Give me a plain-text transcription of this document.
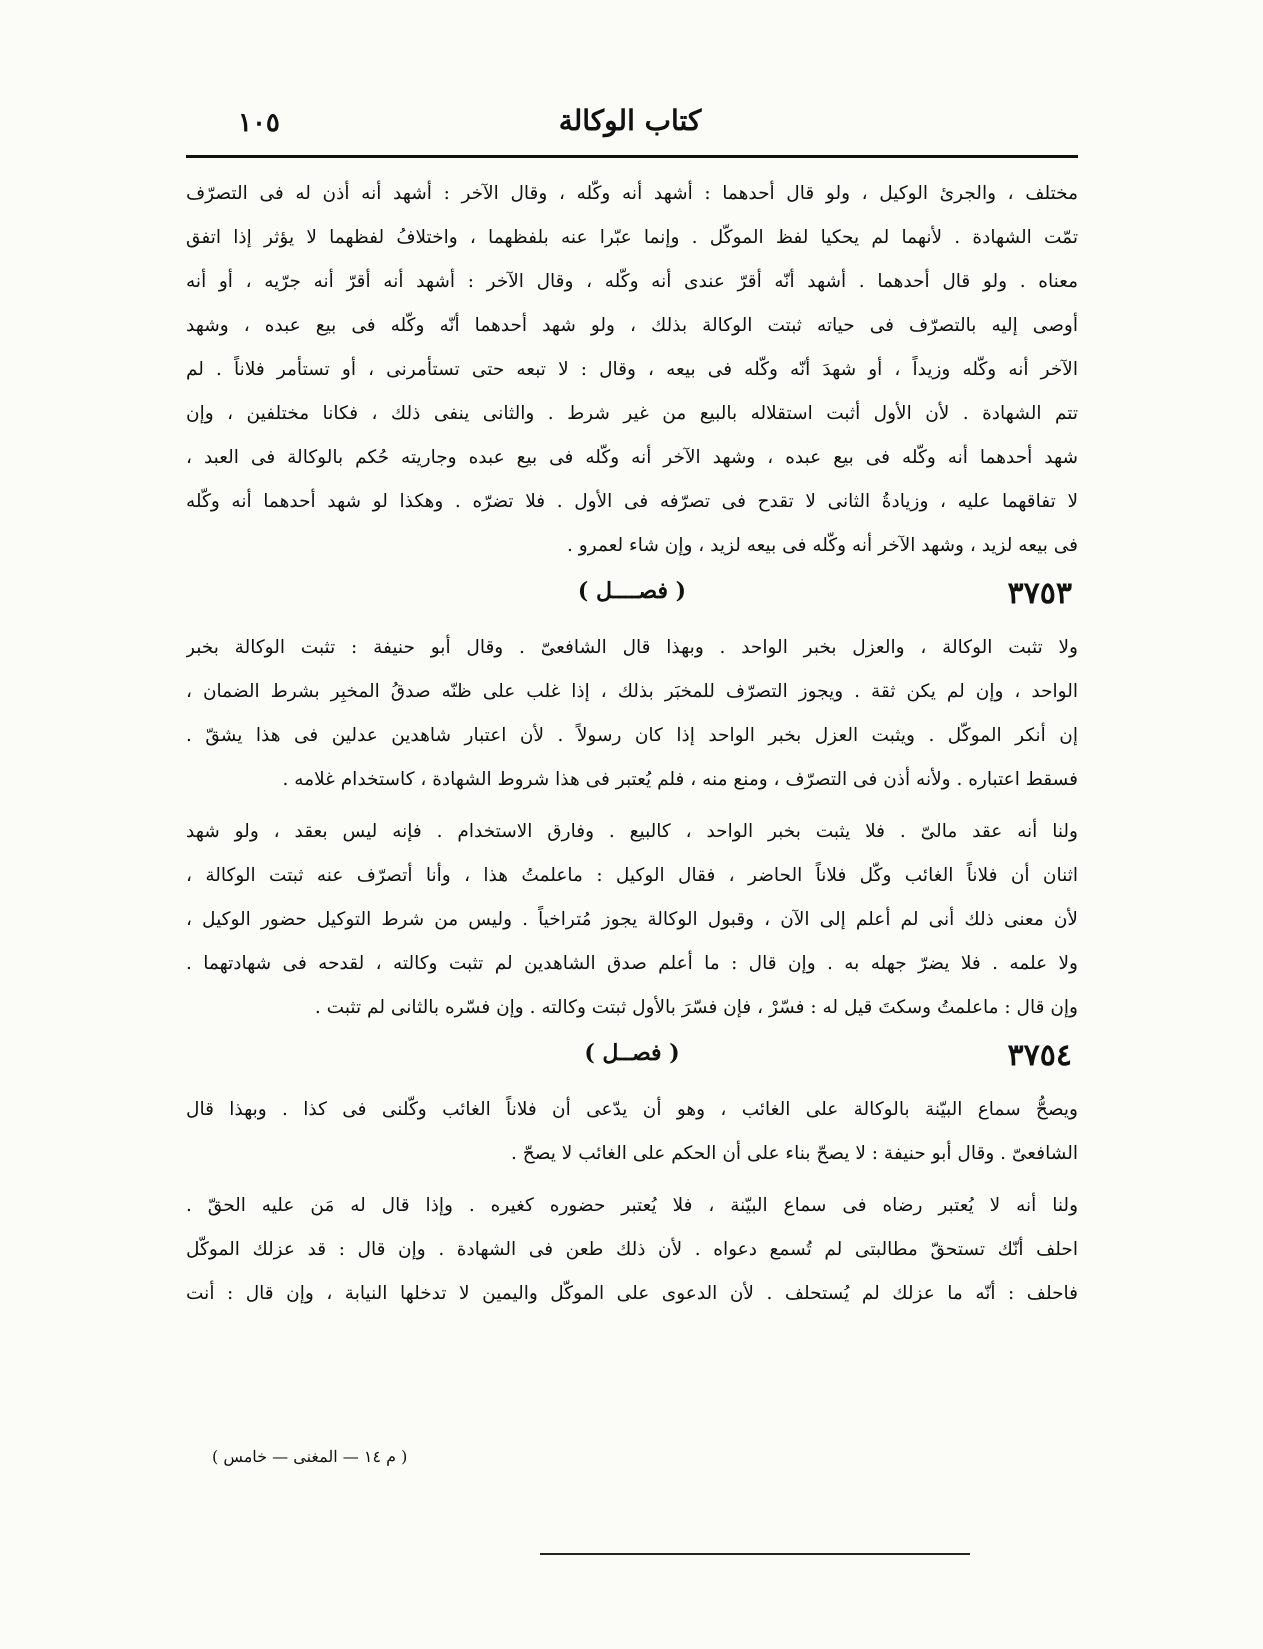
كتاب الوكالة
١٠٥
مختلف ، والجرئ الوكيل ، ولو قال أحدهما : أشهد أنه وكّله ، وقال الآخر : أشهد أنه أذن له فى التصرّف
تمّت الشهادة . لأنهما لم يحكيا لفظ الموكّل . وإنما عبّرا عنه بلفظهما ، واختلافُ لفظهما لا يؤثر إذا اتفق
معناه . ولو قال أحدهما . أشهد أنّه أقرّ عندى أنه وكّله ، وقال الآخر : أشهد أنه أقرّ أنه جرّيه ، أو أنه
أوصى إليه بالتصرّف فى حياته ثبتت الوكالة بذلك ، ولو شهد أحدهما أنّه وكّله فى بيع عبده ، وشهد
الآخر أنه وكّله وزيداً ، أو شهدَ أنّه وكّله فى بيعه ، وقال : لا تبعه حتى تستأمرنى ، أو تستأمر فلاناً . لم
تتم الشهادة . لأن الأول أثبت استقلاله بالبيع من غير شرط . والثانى ينفى ذلك ، فكانا مختلفين ، وإن
شهد أحدهما أنه وكّله فى بيع عبده ، وشهد الآخر أنه وكّله فى بيع عبده وجاريته حُكم بالوكالة فى العبد ،
لا تفاقهما عليه ، وزيادةُ الثانى لا تقدح فى تصرّفه فى الأول . فلا تضرّه . وهكذا لو شهد أحدهما أنه وكّله
فى بيعه لزيد ، وشهد الآخر أنه وكّله فى بيعه لزيد ، وإن شاء لعمرو .
٣٧٥٣
( فصــــل )
ولا تثبت الوكالة ، والعزل بخبر الواحد . وبهذا قال الشافعىّ . وقال أبو حنيفة : تثبت الوكالة بخبر
الواحد ، وإن لم يكن ثقة . ويجوز التصرّف للمخبَر بذلك ، إذا غلب على ظنّه صدقُ المخبِر بشرط الضمان ،
إن أنكر الموكّل . ويثبت العزل بخبر الواحد إذا كان رسولاً . لأن اعتبار شاهدين عدلين فى هذا يشقّ .
فسقط اعتباره . ولأنه أذن فى التصرّف ، ومنع منه ، فلم يُعتبر فى هذا شروط الشهادة ، كاستخدام غلامه .
ولنا أنه عقد مالىّ . فلا يثبت بخبر الواحد ، كالبيع . وفارق الاستخدام . فإنه ليس بعقد ، ولو شهد
اثنان أن فلاناً الغائب وكّل فلاناً الحاضر ، فقال الوكيل : ماعلمتُ هذا ، وأنا أتصرّف عنه ثبتت الوكالة ،
لأن معنى ذلك أنى لم أعلم إلى الآن ، وقبول الوكالة يجوز مُتراخياً . وليس من شرط التوكيل حضور الوكيل ،
ولا علمه . فلا يضرّ جهله به . وإن قال : ما أعلم صدق الشاهدين لم تثبت وكالته ، لقدحه فى شهادتهما .
وإن قال : ماعلمتُ وسكتَ قيل له : فسّرْ ، فإن فسّرَ بالأول ثبتت وكالته . وإن فسّره بالثانى لم تثبت .
٣٧٥٤
( فصــل )
ويصحُّ سماع البيّنة بالوكالة على الغائب ، وهو أن يدّعى أن فلاناً الغائب وكّلنى فى كذا . وبهذا قال
الشافعىّ . وقال أبو حنيفة : لا يصحّ بناء على أن الحكم على الغائب لا يصحّ .
ولنا أنه لا يُعتبر رضاه فى سماع البيّنة ، فلا يُعتبر حضوره كغيره . وإذا قال له مَن عليه الحقّ .
احلف أنّك تستحقّ مطالبتى لم تُسمع دعواه . لأن ذلك طعن فى الشهادة . وإن قال : قد عزلك الموكّل
فاحلف : أنّه ما عزلك لم يُستحلف . لأن الدعوى على الموكّل واليمين لا تدخلها النيابة ، وإن قال : أنت
( م ١٤ — المغنى — خامس )
